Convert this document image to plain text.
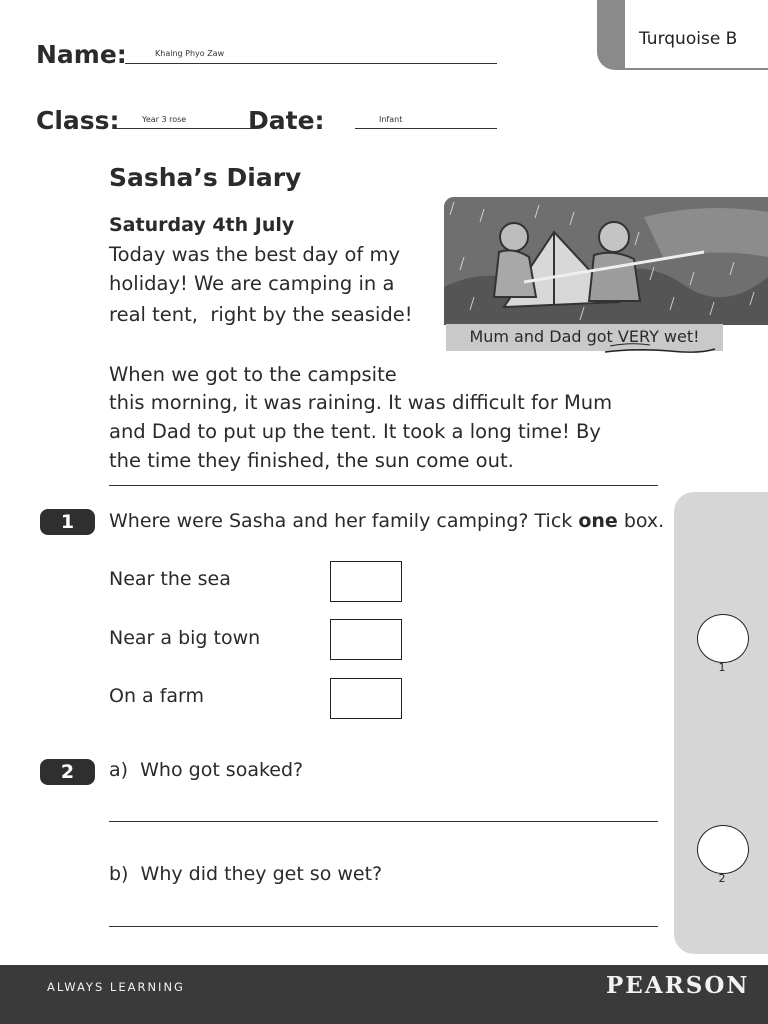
Turquoise B
Name:	Khaing Phyo Zaw
Class:	Year 3 rose Date:	Infant
Sasha’s Diary
Saturday 4th July
Today was the best day of my
holiday! We are camping in a
real tent,  right by the seaside!
When we got to the campsite
this morning, it was raining. It was difficult for Mum
and Dad to put up the tent. It took a long time! By
the time they finished, the sun come out.
Mum and Dad got VERY wet!
1
2
1	Where were Sasha and her family camping? Tick one box.
Near the sea
Near a big town
On a farm
2	a)  Who got soaked?
b)  Why did they get so wet?
ALWAYS LEARNING	PEARSON
